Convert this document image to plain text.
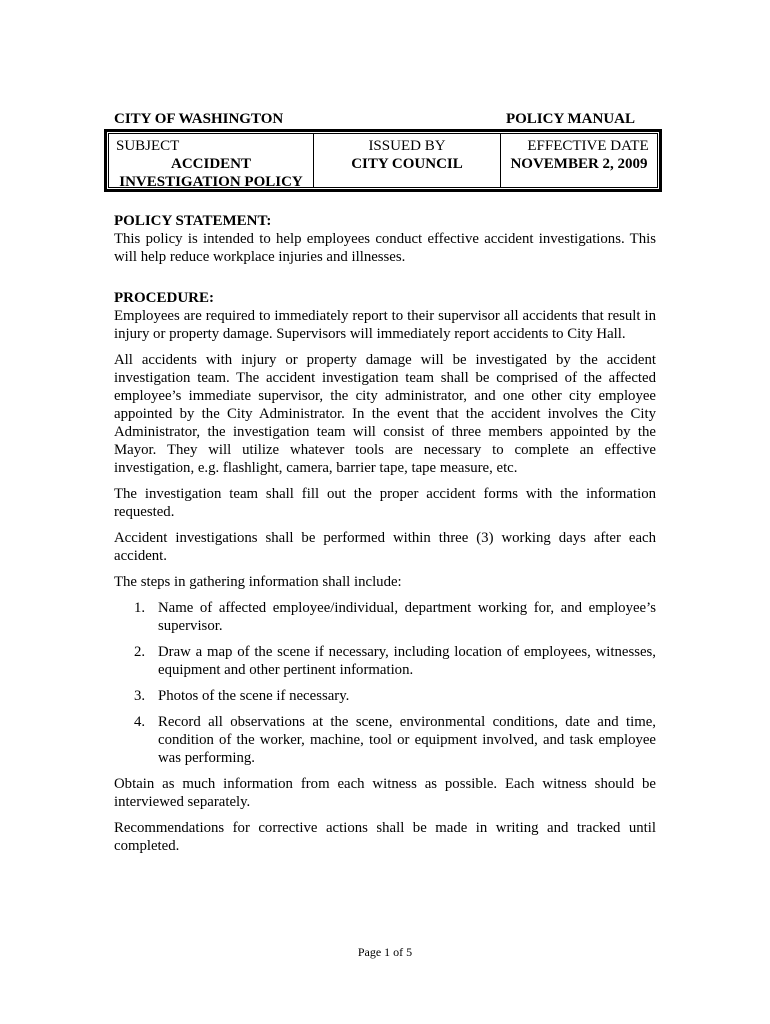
CITY OF WASHINGTON	POLICY MANUAL
SUBJECT
ACCIDENT
INVESTIGATION POLICY
ISSUED BY
CITY COUNCIL
EFFECTIVE DATE
NOVEMBER 2, 2009
POLICY STATEMENT:

This policy is intended to help employees conduct effective accident investigations. This will help reduce workplace injuries and illnesses.

PROCEDURE:

Employees are required to immediately report to their supervisor all accidents that result in injury or property damage. Supervisors will immediately report accidents to City Hall.

All accidents with injury or property damage will be investigated by the accident investigation team. The accident investigation team shall be comprised of the affected employee’s immediate supervisor, the city administrator, and one other city employee appointed by the City Administrator. In the event that the accident involves the City Administrator, the investigation team will consist of three members appointed by the Mayor. They will utilize whatever tools are necessary to complete an effective investigation, e.g. flashlight, camera, barrier tape, tape measure, etc.

The investigation team shall fill out the proper accident forms with the information requested.

Accident investigations shall be performed within three (3) working days after each accident.

The steps in gathering information shall include:

1. Name of affected employee/individual, department working for, and employee’s supervisor.
2. Draw a map of the scene if necessary, including location of employees, witnesses, equipment and other pertinent information.
3. Photos of the scene if necessary.
4. Record all observations at the scene, environmental conditions, date and time, condition of the worker, machine, tool or equipment involved, and task employee was performing.

Obtain as much information from each witness as possible. Each witness should be interviewed separately.

Recommendations for corrective actions shall be made in writing and tracked until completed.

Page 1 of 5
